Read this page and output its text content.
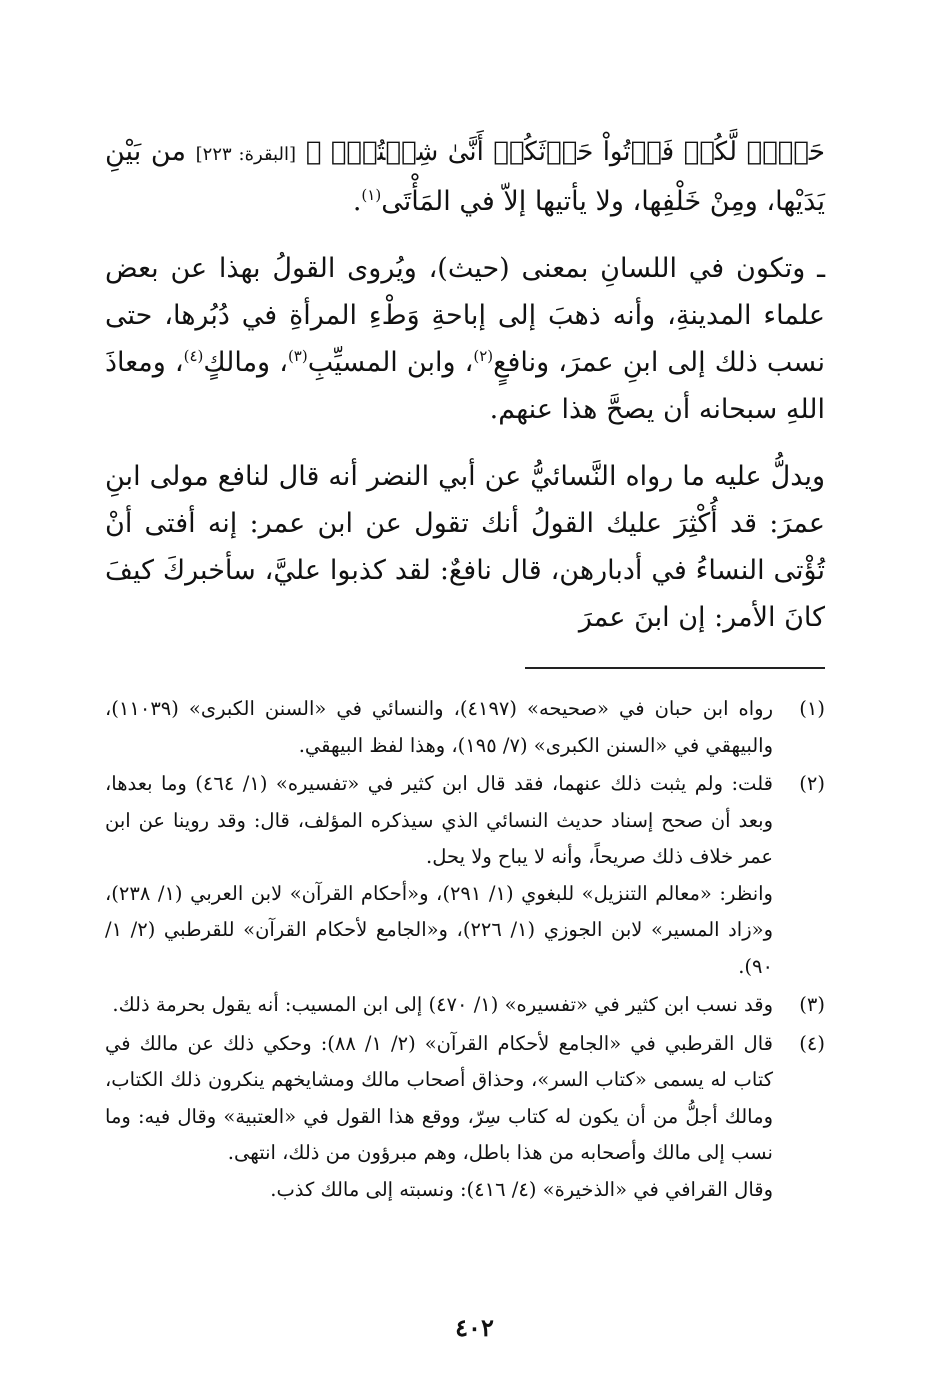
حَرۡثٞ لَّكُمۡ فَأۡتُواْ حَرۡثَكُمۡ أَنَّىٰ شِئۡتُمۡۖ ﴾ [البقرة: ٢٢٣] من بَيْنِ يَدَيْها، ومِنْ خَلْفِها، ولا يأتيها إلاّ في المَأْتَى$^{(١)}$.

ـ وتكون في اللسانِ بمعنى (حيث)، ويُروى القولُ بهذا عن بعض علماء المدينةِ، وأنه ذهبَ إلى إباحةِ وَطْءِ المرأةِ في دُبُرها، حتى نسب ذلك إلى ابنِ عمرَ، ونافعٍ$^{(٢)}$، وابن المسيِّبِ$^{(٣)}$، ومالكٍ$^{(٤)}$، ومعاذَ اللهِ سبحانه أن يصحَّ هذا عنهم.

ويدلُّ عليه ما رواه النَّسائيُّ عن أبي النضر أنه قال لنافع مولى ابنِ عمرَ: قد أُكْثِرَ عليك القولُ أنك تقول عن ابن عمر: إنه أفتى أنْ تُؤْتى النساءُ في أدبارهن، قال نافعٌ: لقد كذبوا عليَّ، سأخبركَ كيفَ كانَ الأمر: إن ابنَ عمرَ

(١)
رواه ابن حبان في «صحيحه» (٤١٩٧)، والنسائي في «السنن الكبرى» (١١٠٣٩)، والبيهقي في «السنن الكبرى» (٧/ ١٩٥)، وهذا لفظ البيهقي.
(٢)
قلت: ولم يثبت ذلك عنهما، فقد قال ابن كثير في «تفسيره» (١/ ٤٦٤) وما بعدها، وبعد أن صحح إسناد حديث النسائي الذي سيذكره المؤلف، قال: وقد روينا عن ابن عمر خلاف ذلك صريحاً، وأنه لا يباح ولا يحل.
وانظر: «معالم التنزيل» للبغوي (١/ ٢٩١)، و«أحكام القرآن» لابن العربي (١/ ٢٣٨)، و«زاد المسير» لابن الجوزي (١/ ٢٢٦)، و«الجامع لأحكام القرآن» للقرطبي (٢/ ١/ ٩٠).
(٣)
وقد نسب ابن كثير في «تفسيره» (١/ ٤٧٠) إلى ابن المسيب: أنه يقول بحرمة ذلك.
(٤)
قال القرطبي في «الجامع لأحكام القرآن» (٢/ ١/ ٨٨): وحكي ذلك عن مالك في كتاب له يسمى «كتاب السر»، وحذاق أصحاب مالك ومشايخهم ينكرون ذلك الكتاب، ومالك أجلُّ من أن يكون له كتاب سِرّ، ووقع هذا القول في «العتبية» وقال فيه: وما نسب إلى مالك وأصحابه من هذا باطل، وهم مبرؤون من ذلك، انتهى.
وقال القرافي في «الذخيرة» (٤/ ٤١٦): ونسبته إلى مالك كذب.
٤٠٢
